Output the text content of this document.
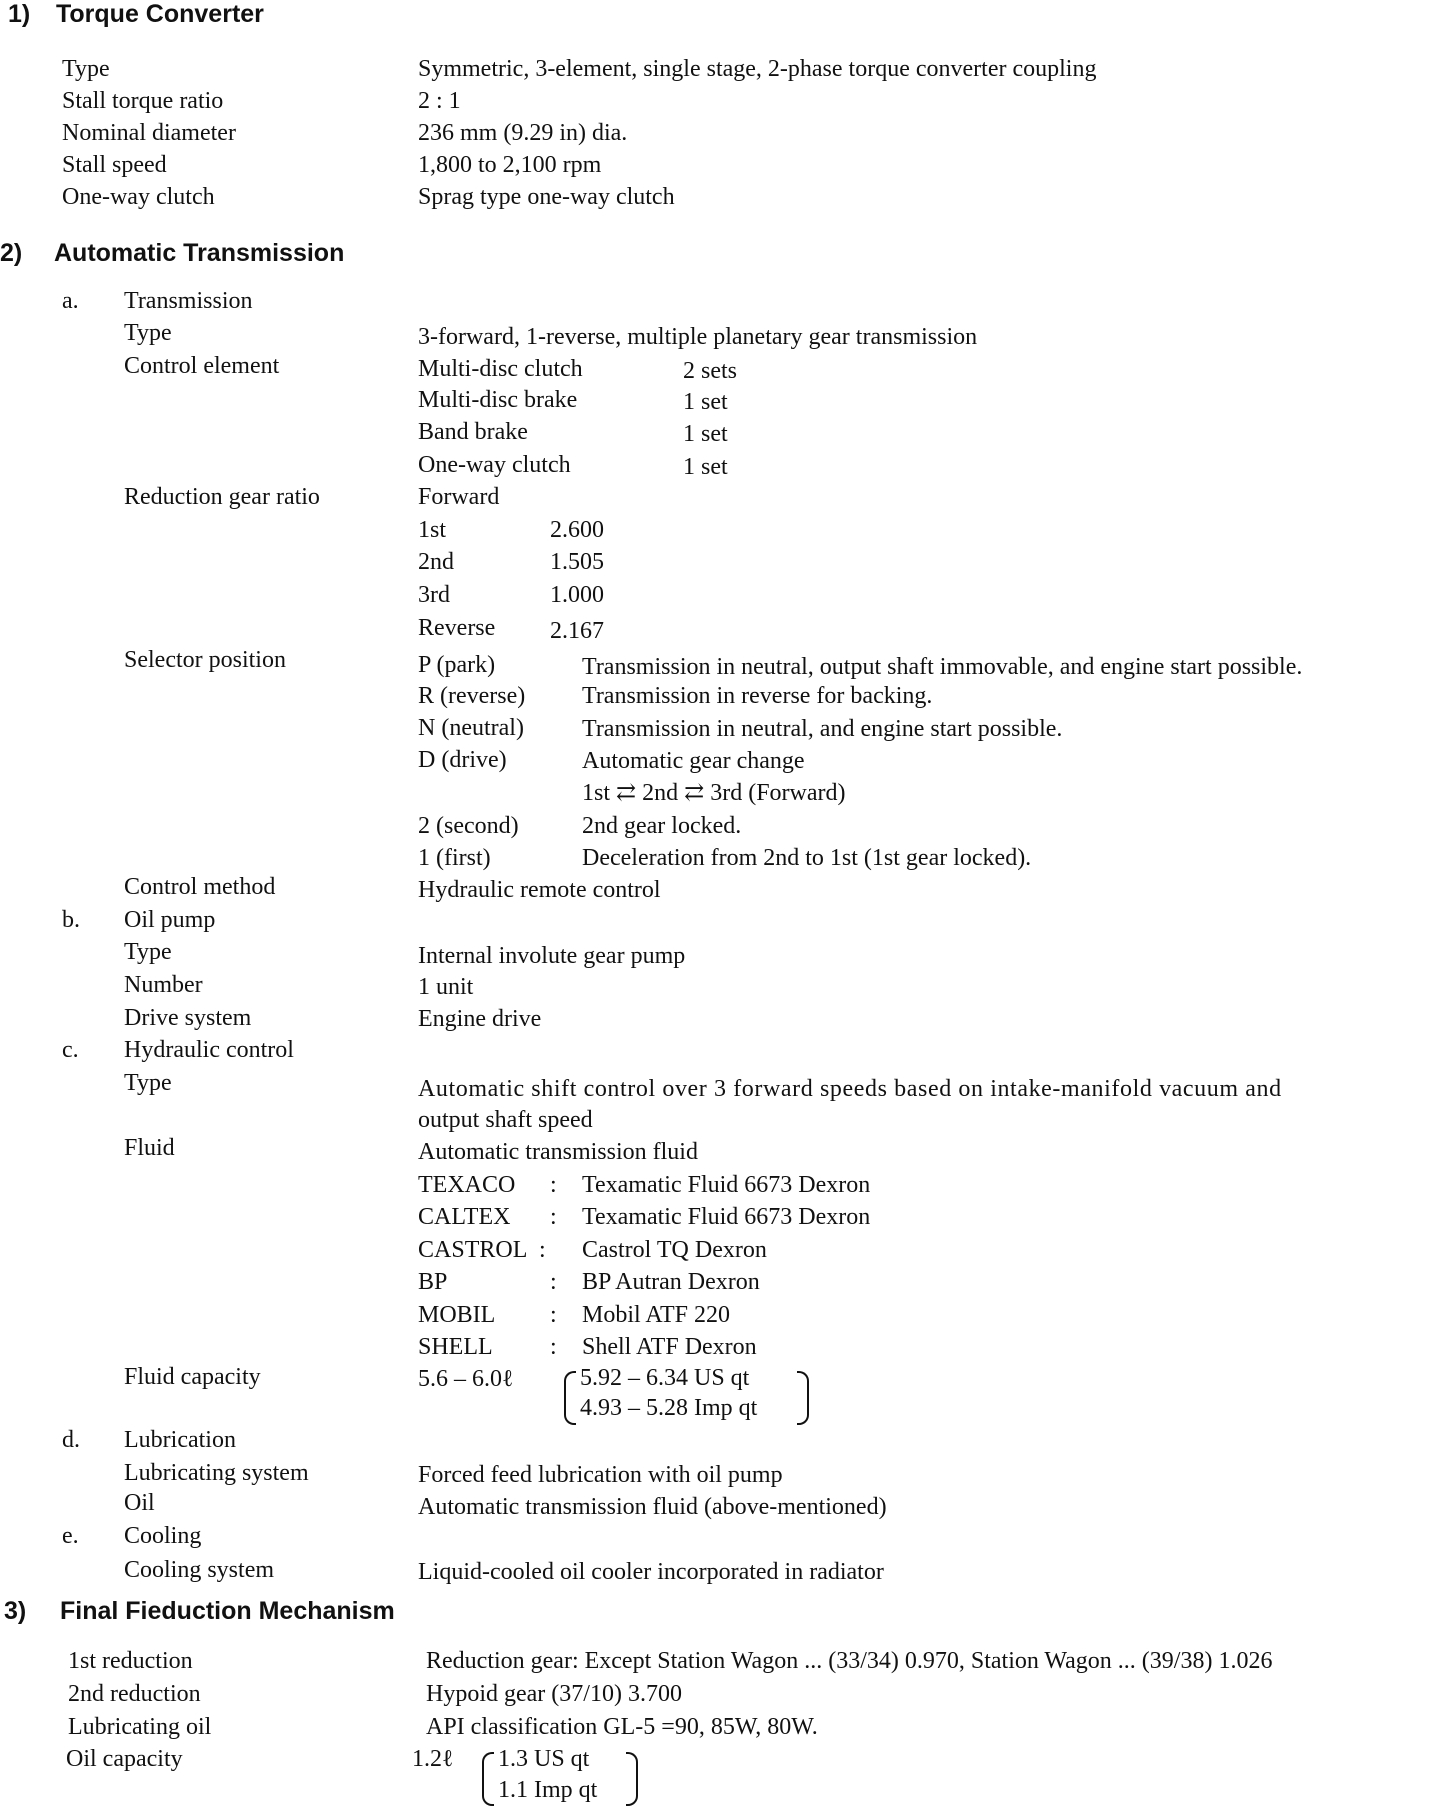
1) Torque Converter
Type	Symmetric, 3-element, single stage, 2-phase torque converter coupling
Stall torque ratio	2 : 1
Nominal diameter	236 mm (9.29 in) dia.
Stall speed	1,800 to 2,100 rpm
One-way clutch	Sprag type one-way clutch
2) Automatic Transmission
a. Transmission
Type	3-forward, 1-reverse, multiple planetary gear transmission
Control element	Multi-disc clutch	2 sets
Multi-disc brake	1 set
Band brake	1 set
One-way clutch	1 set
Reduction gear ratio	Forward
1st	2.600
2nd	1.505
3rd	1.000
Reverse 2.167
Selector position	P (park)	Transmission in neutral, output shaft immovable, and engine start possible.
R (reverse) Transmission in reverse for backing.
N (neutral) Transmission in neutral, and engine start possible.
D (drive)	Automatic gear change
1st ⇄ 2nd ⇄ 3rd (Forward)
2 (second)	2nd gear locked.
1 (first)	Deceleration from 2nd to 1st (1st gear locked).
Control method	Hydraulic remote control
b. Oil pump
Type	Internal involute gear pump
Number	1 unit
Drive system	Engine drive
c. Hydraulic control
Type	Automatic shift control over 3 forward speeds based on intake-manifold vacuum and
output shaft speed
Fluid	Automatic transmission fluid
TEXACO : Texamatic Fluid 6673 Dexron
CALTEX : Texamatic Fluid 6673 Dexron
CASTROL : Castrol TQ Dexron
BP	: BP Autran Dexron
MOBIL : Mobil ATF 220
SHELL : Shell ATF Dexron
Fluid capacity	5.6 – 6.0ℓ	5.92 – 6.34 US qt
4.93 – 5.28 Imp qt
d. Lubrication
Lubricating system	Forced feed lubrication with oil pump
Oil	Automatic transmission fluid (above-mentioned)
e. Cooling
Cooling system	Liquid-cooled oil cooler incorporated in radiator
3) Final Fieduction Mechanism
1st reduction	Reduction gear: Except Station Wagon ... (33/34) 0.970, Station Wagon ... (39/38) 1.026
2nd reduction	Hypoid gear (37/10) 3.700
Lubricating oil	API classification GL-5 =90, 85W, 80W.
Oil capacity	1.2ℓ 1.3 US qt
1.1 Imp qt
